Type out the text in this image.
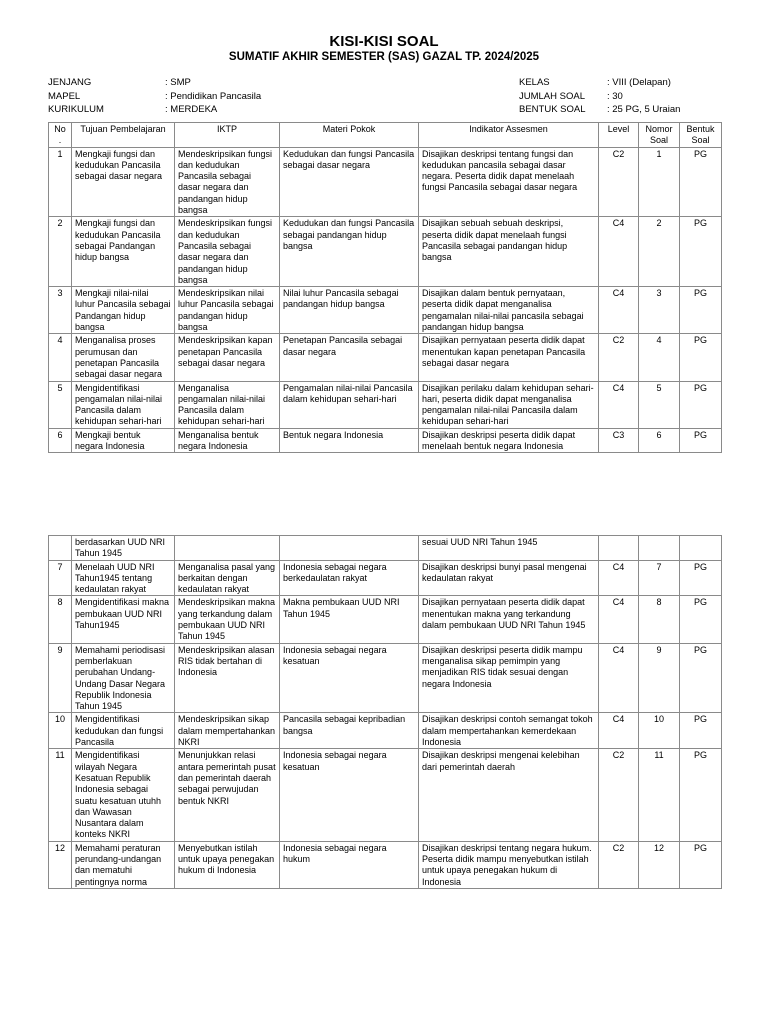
KISI-KISI SOAL
SUMATIF AKHIR SEMESTER (SAS) GAZAL TP. 2024/2025
JENJANG	: SMP
MAPEL	: Pendidikan Pancasila
KURIKULUM	: MERDEKA
KELAS	: VIII (Delapan)
JUMLAH SOAL	: 30
BENTUK SOAL	: 25 PG, 5 Uraian
No .	Tujuan Pembelajaran	IKTP	Materi Pokok	Indikator Assesmen	Level	Nomor Soal	Bentuk Soal
1	Mengkaji fungsi dan kedudukan Pancasila sebagai dasar negara	Mendeskripsikan fungsi dan kedudukan Pancasila sebagai dasar negara dan pandangan hidup bangsa	Kedudukan dan fungsi Pancasila sebagai dasar negara	Disajikan deskripsi tentang fungsi dan kedudukan pancasila sebagai dasar negara. Peserta didik dapat menelaah fungsi Pancasila sebagai dasar negara	C2	1	PG
2	Mengkaji fungsi dan kedudukan Pancasila sebagai Pandangan hidup bangsa	Mendeskripsikan fungsi dan kedudukan Pancasila sebagai dasar negara dan pandangan hidup bangsa	Kedudukan dan fungsi Pancasila sebagai pandangan hidup bangsa	Disajikan sebuah sebuah deskripsi, peserta didik dapat menelaah fungsi Pancasila sebagai pandangan hidup bangsa	C4	2	PG
3	Mengkaji nilai-nilai luhur Pancasila sebagai Pandangan hidup bangsa	Mendeskripsikan nilai luhur Pancasila sebagai pandangan hidup bangsa	Nilai luhur Pancasila sebagai pandangan hidup bangsa	Disajikan dalam bentuk pernyataan, peserta didik dapat menganalisa pengamalan nilai-nilai pancasila sebagai pandangan hidup bangsa	C4	3	PG
4	Menganalisa proses perumusan dan penetapan Pancasila sebagai dasar negara	Mendeskripsikan kapan penetapan Pancasila sebagai dasar negara	Penetapan Pancasila sebagai dasar negara	Disajikan pernyataan peserta didik dapat menentukan kapan penetapan Pancasila sebagai dasar negara	C2	4	PG
5	Mengidentifikasi pengamalan nilai-nilai Pancasila dalam kehidupan sehari-hari	Menganalisa pengamalan nilai-nilai Pancasila dalam kehidupan sehari-hari	Pengamalan nilai-nilai Pancasila dalam kehidupan sehari-hari	Disajikan perilaku dalam kehidupan sehari-hari, peserta didik dapat menganalisa pengamalan nilai-nilai Pancasila dalam kehidupan sehari-hari	C4	5	PG
6	Mengkaji bentuk negara Indonesia	Menganalisa bentuk negara Indonesia	Bentuk negara Indonesia	Disajikan deskripsi peserta didik dapat menelaah bentuk negara Indonesia	C3	6	PG
	berdasarkan UUD NRI Tahun 1945			sesuai UUD NRI Tahun 1945			
7	Menelaah UUD NRI Tahun1945 tentang kedaulatan rakyat	Menganalisa pasal yang berkaitan dengan kedaulatan rakyat	Indonesia sebagai negara berkedaulatan rakyat	Disajikan deskripsi bunyi pasal mengenai kedaulatan rakyat	C4	7	PG
8	Mengidentifikasi makna pembukaan UUD NRI Tahun1945	Mendeskripsikan makna yang terkandung dalam pembukaan UUD NRI Tahun 1945	Makna pembukaan UUD NRI Tahun 1945	Disajikan pernyataan peserta didik dapat menentukan makna yang terkandung dalam pembukaan UUD NRI Tahun 1945	C4	8	PG
9	Memahami periodisasi pemberlakuan perubahan Undang-Undang Dasar Negara Republik Indonesia Tahun 1945	Mendeskripsikan alasan RIS tidak bertahan di Indonesia	Indonesia sebagai negara kesatuan	Disajikan deskripsi peserta didik mampu menganalisa sikap pemimpin yang menjadikan RIS tidak sesuai dengan negara Indonesia	C4	9	PG
10	Mengidentifikasi kedudukan dan fungsi Pancasila	Mendeskripsikan sikap dalam mempertahankan NKRI	Pancasila sebagai kepribadian bangsa	Disajikan deskripsi contoh semangat tokoh dalam mempertahankan kemerdekaan Indonesia	C4	10	PG
11	Mengidentifikasi wilayah Negara Kesatuan Republik Indonesia sebagai suatu kesatuan utuhh dan Wawasan Nusantara dalam konteks NKRI	Menunjukkan relasi antara pemerintah pusat dan pemerintah daerah sebagai perwujudan bentuk NKRI	Indonesia sebagai negara kesatuan	Disajikan deskripsi mengenai kelebihan dari pemerintah daerah	C2	11	PG
12	Memahami peraturan perundang-undangan dan mematuhi pentingnya norma	Menyebutkan istilah untuk upaya penegakan hukum di Indonesia	Indonesia sebagai negara hukum	Disajikan deskripsi tentang negara hukum. Peserta didik mampu menyebutkan istilah untuk upaya penegakan hukum di Indonesia	C2	12	PG
